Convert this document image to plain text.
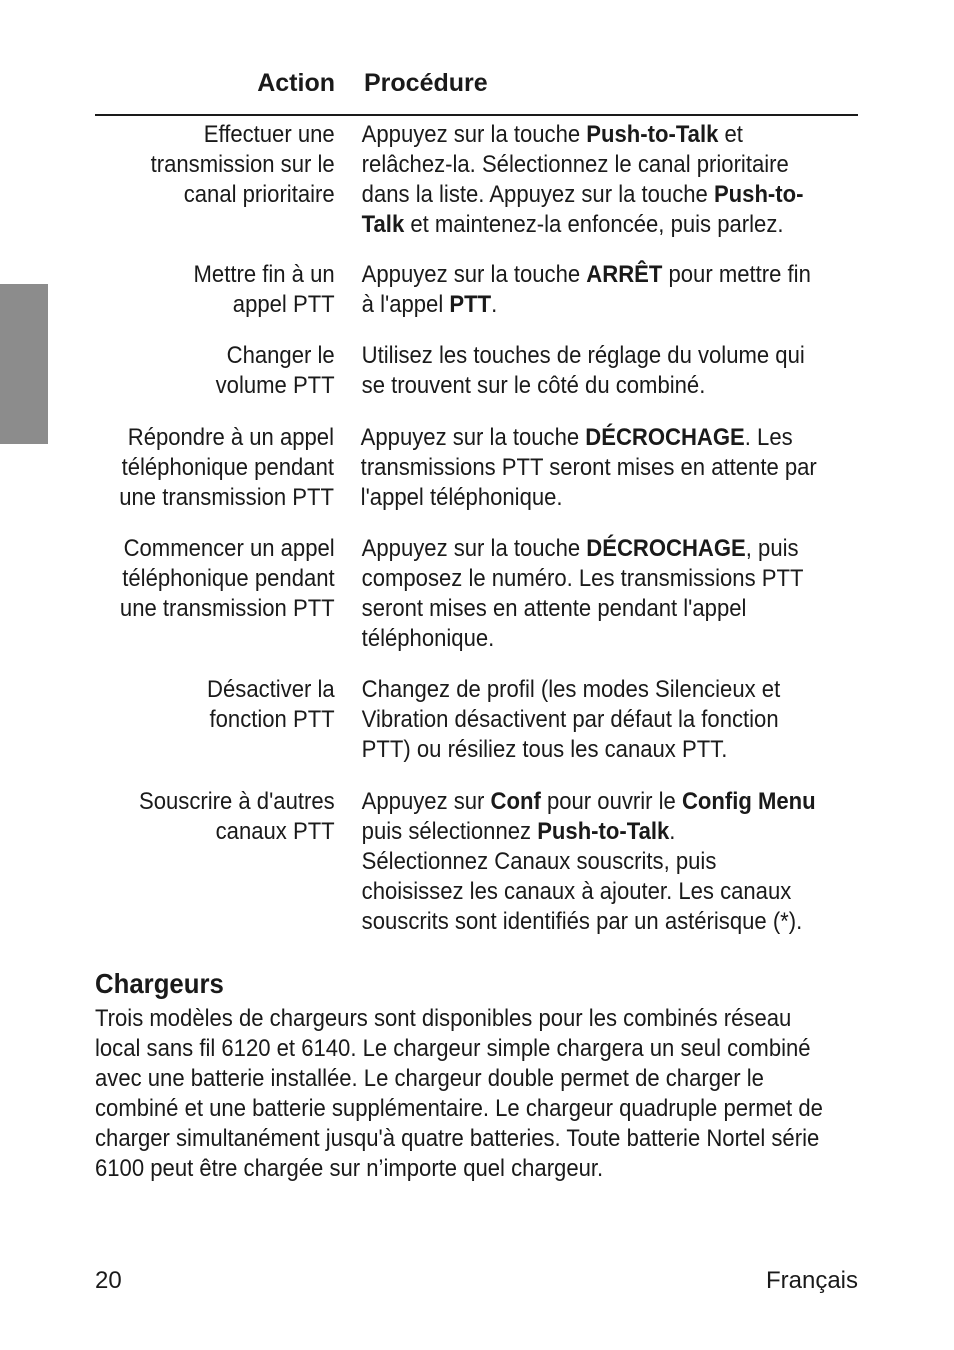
Action	Procédure
Effectuer une
transmission sur le
canal prioritaire
Appuyez sur la touche Push-to-Talk et
relâchez-la. Sélectionnez le canal prioritaire
dans la liste. Appuyez sur la touche Push-to-
Talk et maintenez-la enfoncée, puis parlez.
Mettre fin à un
appel PTT
Appuyez sur la touche ARRÊT pour mettre fin
à l'appel PTT.
Changer le
volume PTT
Utilisez les touches de réglage du volume qui
se trouvent sur le côté du combiné.
Répondre à un appel
téléphonique pendant
une transmission PTT
Appuyez sur la touche DÉCROCHAGE. Les
transmissions PTT seront mises en attente par
l'appel téléphonique.
Commencer un appel
téléphonique pendant
une transmission PTT
Appuyez sur la touche DÉCROCHAGE, puis
composez le numéro. Les transmissions PTT
seront mises en attente pendant l'appel
téléphonique.
Désactiver la
fonction PTT
Changez de profil (les modes Silencieux et
Vibration désactivent par défaut la fonction
PTT) ou résiliez tous les canaux PTT.
Souscrire à d'autres
canaux PTT
Appuyez sur Conf pour ouvrir le Config Menu
puis sélectionnez Push-to-Talk.
Sélectionnez Canaux souscrits, puis
choisissez les canaux à ajouter. Les canaux
souscrits sont identifiés par un astérisque (*).
Chargeurs
Trois modèles de chargeurs sont disponibles pour les combinés réseau
local sans fil 6120 et 6140. Le chargeur simple chargera un seul combiné
avec une batterie installée. Le chargeur double permet de charger le
combiné et une batterie supplémentaire. Le chargeur quadruple permet de
charger simultanément jusqu'à quatre batteries. Toute batterie Nortel série
6100 peut être chargée sur n’importe quel chargeur.
20	Français
